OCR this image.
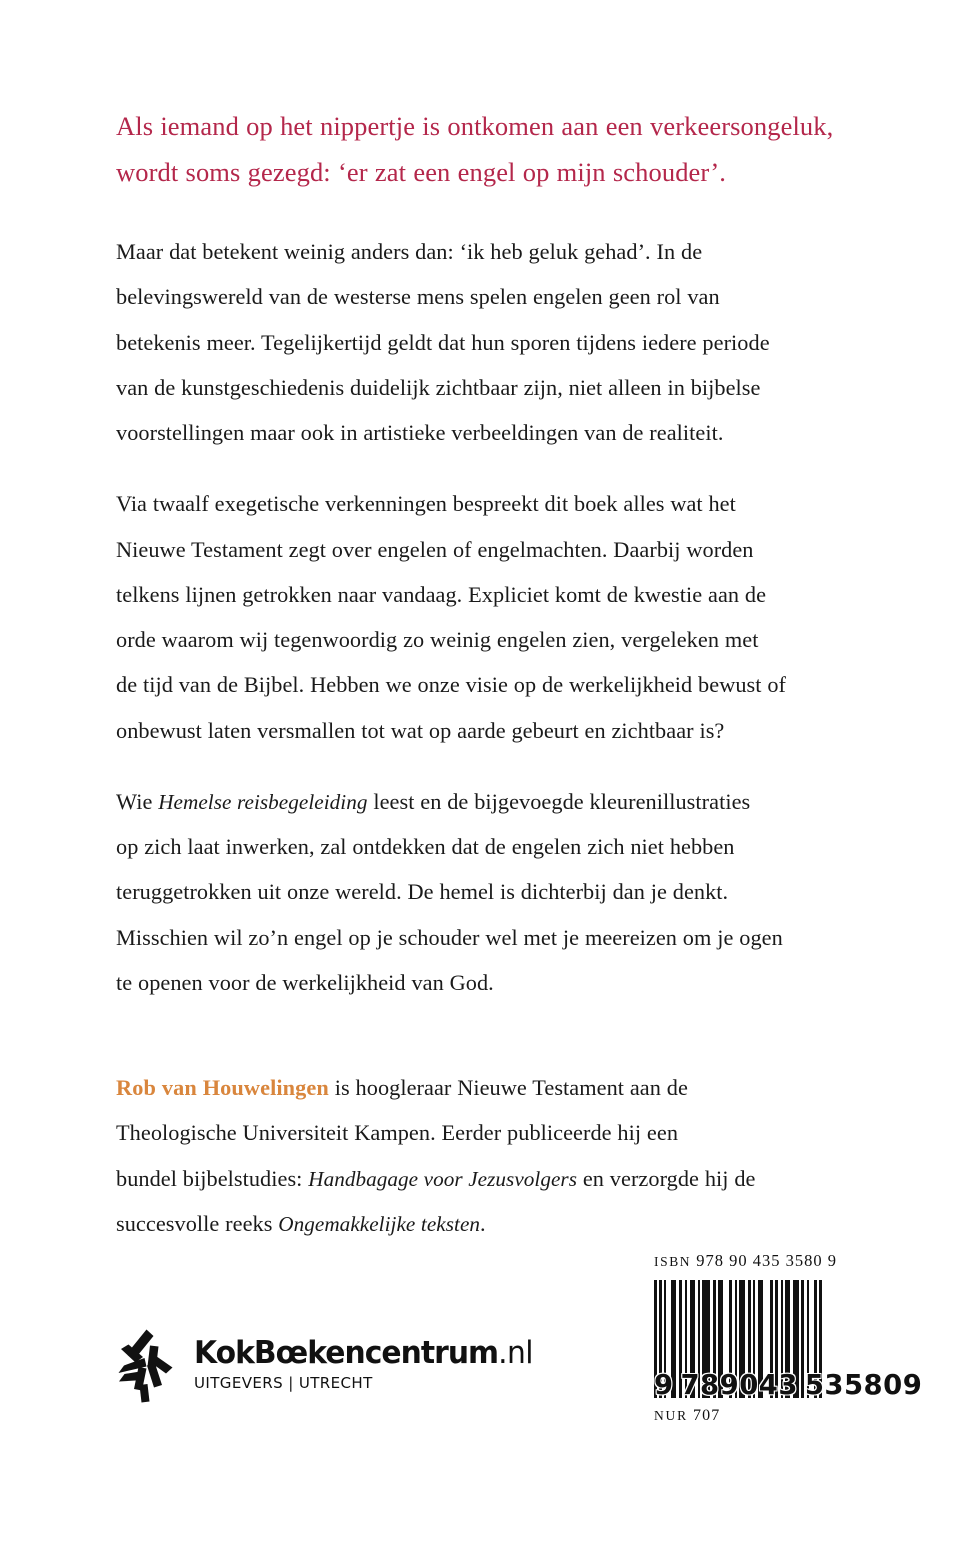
Als iemand op het nippertje is ontkomen aan een verkeersongeluk,
wordt soms gezegd: ‘er zat een engel op mijn schouder’.

Maar dat betekent weinig anders dan: ‘ik heb geluk gehad’. In de
belevingswereld van de westerse mens spelen engelen geen rol van
betekenis meer. Tegelijkertijd geldt dat hun sporen tijdens iedere periode
van de kunstgeschiedenis duidelijk zichtbaar zijn, niet alleen in bijbelse
voorstellingen maar ook in artistieke verbeeldingen van de realiteit.

Via twaalf exegetische verkenningen bespreekt dit boek alles wat het
Nieuwe Testament zegt over engelen of engelmachten. Daarbij worden
telkens lijnen getrokken naar vandaag. Expliciet komt de kwestie aan de
orde waarom wij tegenwoordig zo weinig engelen zien, vergeleken met
de tijd van de Bijbel. Hebben we onze visie op de werkelijkheid bewust of
onbewust laten versmallen tot wat op aarde gebeurt en zichtbaar is?

Wie Hemelse reisbegeleiding leest en de bijgevoegde kleurenillustraties
op zich laat inwerken, zal ontdekken dat de engelen zich niet hebben
teruggetrokken uit onze wereld. De hemel is dichterbij dan je denkt.
Misschien wil zo’n engel op je schouder wel met je meereizen om je ogen
te openen voor de werkelijkheid van God.

Rob van Houwelingen is hoogleraar Nieuwe Testament aan de
Theologische Universiteit Kampen. Eerder publiceerde hij een
bundel bijbelstudies: Handbagage voor Jezusvolgers en verzorgde hij de
succesvolle reeks Ongemakkelijke teksten.

KokBœkencentrum.nl
UITGEVERS | UTRECHT
ISBN 978 90 435 3580 9
9 789043 535809
NUR 707
